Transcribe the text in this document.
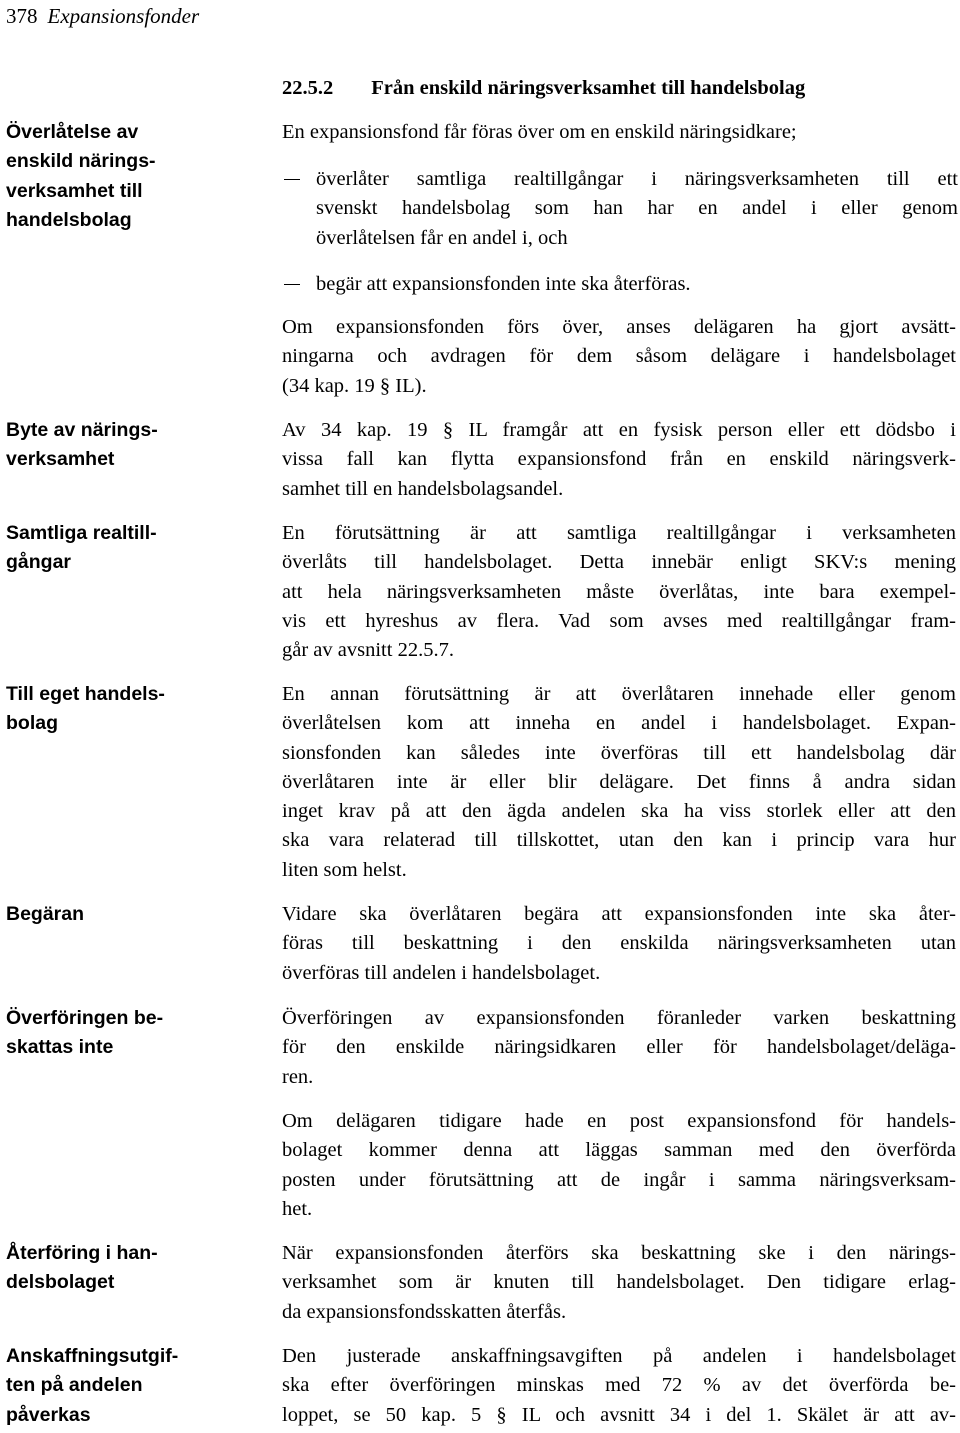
378 Expansionsfonder
Överlåtelse av
enskild närings-
verksamhet till
handelsbolag
Byte av närings-
verksamhet
Samtliga realtill-
gångar
Till eget handels-
bolag
Begäran
Överföringen be-
skattas inte
Återföring i han-
delsbolaget
Anskaffningsutgif-
ten på andelen
påverkas
22.5.2 Från enskild näringsverksamhet till handelsbolag
En expansionsfond får föras över om en enskild näringsidkare;
överlåter samtliga realtillgångar i näringsverksamheten till ett
svenskt handelsbolag som han har en andel i eller genom
överlåtelsen får en andel i, och
begär att expansionsfonden inte ska återföras.
Om expansionsfonden förs över, anses delägaren ha gjort avsätt-
ningarna och avdragen för dem såsom delägare i handelsbolaget
(34 kap. 19 § IL).
Av 34 kap. 19 § IL framgår att en fysisk person eller ett dödsbo i
vissa fall kan flytta expansionsfond från en enskild näringsverk-
samhet till en handelsbolagsandel.
En förutsättning är att samtliga realtillgångar i verksamheten
överlåts till handelsbolaget. Detta innebär enligt SKV:s mening
att hela näringsverksamheten måste överlåtas, inte bara exempel-
vis ett hyreshus av flera. Vad som avses med realtillgångar fram-
går av avsnitt 22.5.7.
En annan förutsättning är att överlåtaren innehade eller genom
överlåtelsen kom att inneha en andel i handelsbolaget. Expan-
sionsfonden kan således inte överföras till ett handelsbolag där
överlåtaren inte är eller blir delägare. Det finns å andra sidan
inget krav på att den ägda andelen ska ha viss storlek eller att den
ska vara relaterad till tillskottet, utan den kan i princip vara hur
liten som helst.
Vidare ska överlåtaren begära att expansionsfonden inte ska åter-
föras till beskattning i den enskilda näringsverksamheten utan
överföras till andelen i handelsbolaget.
Överföringen av expansionsfonden föranleder varken beskattning
för den enskilde näringsidkaren eller för handelsbolaget/deläga-
ren.
Om delägaren tidigare hade en post expansionsfond för handels-
bolaget kommer denna att läggas samman med den överförda
posten under förutsättning att de ingår i samma näringsverksam-
het.
När expansionsfonden återförs ska beskattning ske i den närings-
verksamhet som är knuten till handelsbolaget. Den tidigare erlag-
da expansionsfondsskatten återfås.
Den justerade anskaffningsavgiften på andelen i handelsbolaget
ska efter överföringen minskas med 72 % av det överförda be-
loppet, se 50 kap. 5 § IL och avsnitt 34 i del 1. Skälet är att av-
